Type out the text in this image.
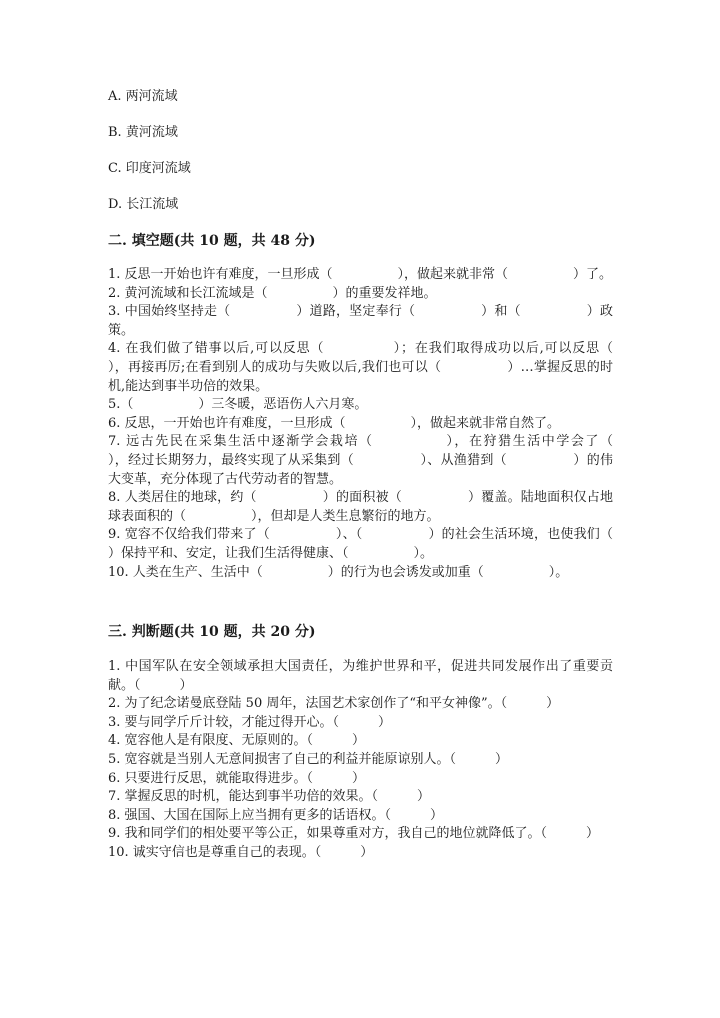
A. 两河流域
B. 黄河流域
C. 印度河流域
D. 长江流域
二. 填空题(共 10 题，共 48 分)
1. 反思一开始也许有难度，一旦形成（　　　　　），做起来就非常（　　　　　）了。
2. 黄河流域和长江流域是（　　　　　）的重要发祥地。
3. 中国始终坚持走（　　　　　）道路，坚定奉行（　　　　　）和（　　　　　）政策。
4. 在我们做了错事以后,可以反思（　　　　　）；在我们取得成功以后,可以反思（　　　　　），再接再厉;在看到别人的成功与失败以后,我们也可以（　　　　　）…掌握反思的时机,能达到事半功倍的效果。
5.（　　　　　）三冬暖，恶语伤人六月寒。
6. 反思，一开始也许有难度，一旦形成（　　　　　），做起来就非常自然了。
7. 远古先民在采集生活中逐渐学会栽培（　　　　　），在狩猎生活中学会了（　　　　　），经过长期努力，最终实现了从采集到（　　　　　）、从渔猎到（　　　　　）的伟大变革，充分体现了古代劳动者的智慧。
8. 人类居住的地球，约（　　　　　）的面积被（　　　　　）覆盖。陆地面积仅占地球表面积的（　　　　　），但却是人类生息繁衍的地方。
9. 宽容不仅给我们带来了（　　　　　）、（　　　　　）的社会生活环境，也使我们（　　　　　）保持平和、安定，让我们生活得健康、（　　　　　）。
10. 人类在生产、生活中（　　　　　）的行为也会诱发或加重（　　　　　）。
三. 判断题(共 10 题，共 20 分)
1. 中国军队在安全领域承担大国责任，为维护世界和平，促进共同发展作出了重要贡献。（　　　）
2. 为了纪念诺曼底登陆 50 周年，法国艺术家创作了“和平女神像”。（　　　）
3. 要与同学斤斤计较，才能过得开心。（　　　）
4. 宽容他人是有限度、无原则的。（　　　）
5. 宽容就是当别人无意间损害了自己的利益并能原谅别人。（　　　）
6. 只要进行反思，就能取得进步。（　　　）
7. 掌握反思的时机，能达到事半功倍的效果。（　　　）
8. 强国、大国在国际上应当拥有更多的话语权。（　　　）
9. 我和同学们的相处要平等公正，如果尊重对方，我自己的地位就降低了。（　　　）
10. 诚实守信也是尊重自己的表现。（　　　）
